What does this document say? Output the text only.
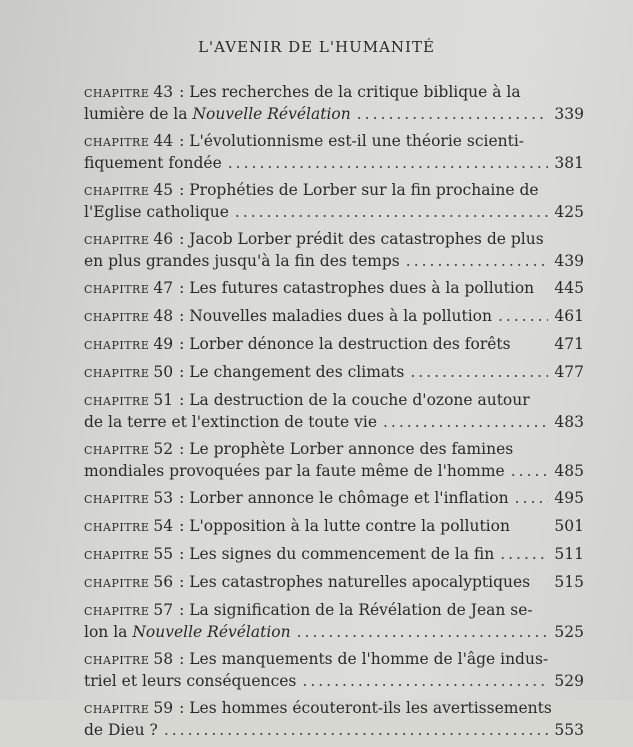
L'AVENIR DE L'HUMANITÉ
CHAPITRE 43 : Les recherches de la critique biblique à la
lumière de la Nouvelle Révélation .....	339
CHAPITRE 44 : L'évolutionnisme est-il une théorie scienti-
fiquement fondée .....	381
CHAPITRE 45 : Prophéties de Lorber sur la fin prochaine de
l'Eglise catholique .....	425
CHAPITRE 46 : Jacob Lorber prédit des catastrophes de plus
en plus grandes jusqu'à la fin des temps .....	439
CHAPITRE 47 : Les futures catastrophes dues à la pollution 445
CHAPITRE 48 : Nouvelles maladies dues à la pollution .....	461
CHAPITRE 49 : Lorber dénonce la destruction des forêts	471
CHAPITRE 50 : Le changement des climats .....	477
CHAPITRE 51 : La destruction de la couche d'ozone autour
de la terre et l'extinction de toute vie .....	483
CHAPITRE 52 : Le prophète Lorber annonce des famines
mondiales provoquées par la faute même de l'homme .....	485
CHAPITRE 53 : Lorber annonce le chômage et l'inflation .....	495
CHAPITRE 54 : L'opposition à la lutte contre la pollution	501
CHAPITRE 55 : Les signes du commencement de la fin .....	511
CHAPITRE 56 : Les catastrophes naturelles apocalyptiques 515
CHAPITRE 57 : La signification de la Révélation de Jean se-
lon la Nouvelle Révélation .....	525
CHAPITRE 58 : Les manquements de l'homme de l'âge indus-
triel et leurs conséquences .....	529
CHAPITRE 59 : Les hommes écouteront-ils les avertissements
de Dieu ? .....	553
